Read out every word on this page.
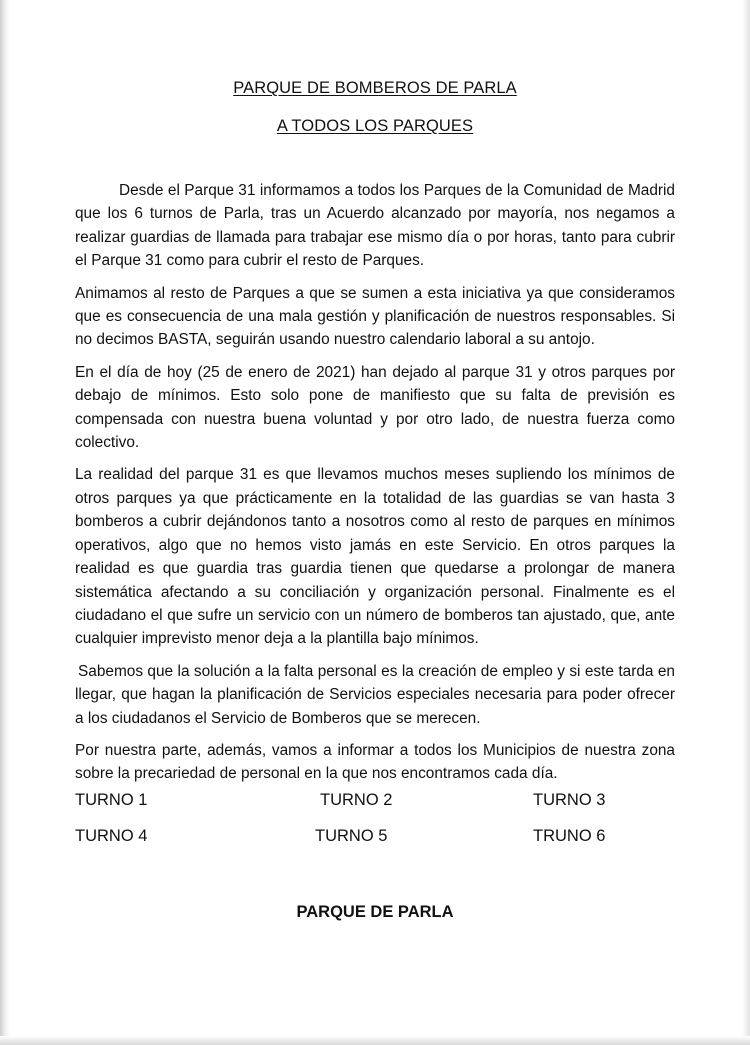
PARQUE DE BOMBEROS DE PARLA
A TODOS LOS PARQUES

Desde el Parque 31 informamos a todos los Parques de la Comunidad de Madrid que los 6 turnos de Parla, tras un Acuerdo alcanzado por mayoría, nos negamos a realizar guardias de llamada para trabajar ese mismo día o por horas, tanto para cubrir el Parque 31 como para cubrir el resto de Parques.

Animamos al resto de Parques a que se sumen a esta iniciativa ya que consideramos que es consecuencia de una mala gestión y planificación de nuestros responsables. Si no decimos BASTA, seguirán usando nuestro calendario laboral a su antojo.

En el día de hoy (25 de enero de 2021) han dejado al parque 31 y otros parques por debajo de mínimos. Esto solo pone de manifiesto que su falta de previsión es compensada con nuestra buena voluntad y por otro lado, de nuestra fuerza como colectivo.

La realidad del parque 31 es que llevamos muchos meses supliendo los mínimos de otros parques ya que prácticamente en la totalidad de las guardias se van hasta 3 bomberos a cubrir dejándonos tanto a nosotros como al resto de parques en mínimos operativos, algo que no hemos visto jamás en este Servicio. En otros parques la realidad es que guardia tras guardia tienen que quedarse a prolongar de manera sistemática afectando a su conciliación y organización personal. Finalmente es el ciudadano el que sufre un servicio con un número de bomberos tan ajustado, que, ante cualquier imprevisto menor deja a la plantilla bajo mínimos.

Sabemos que la solución a la falta personal es la creación de empleo y si este tarda en llegar, que hagan la planificación de Servicios especiales necesaria para poder ofrecer a los ciudadanos el Servicio de Bomberos que se merecen.

Por nuestra parte, además, vamos a informar a todos los Municipios de nuestra zona sobre la precariedad de personal en la que nos encontramos cada día.

TURNO 1	TURNO 2	TURNO 3
TURNO 4	TURNO 5	TRUNO 6
PARQUE DE PARLA
